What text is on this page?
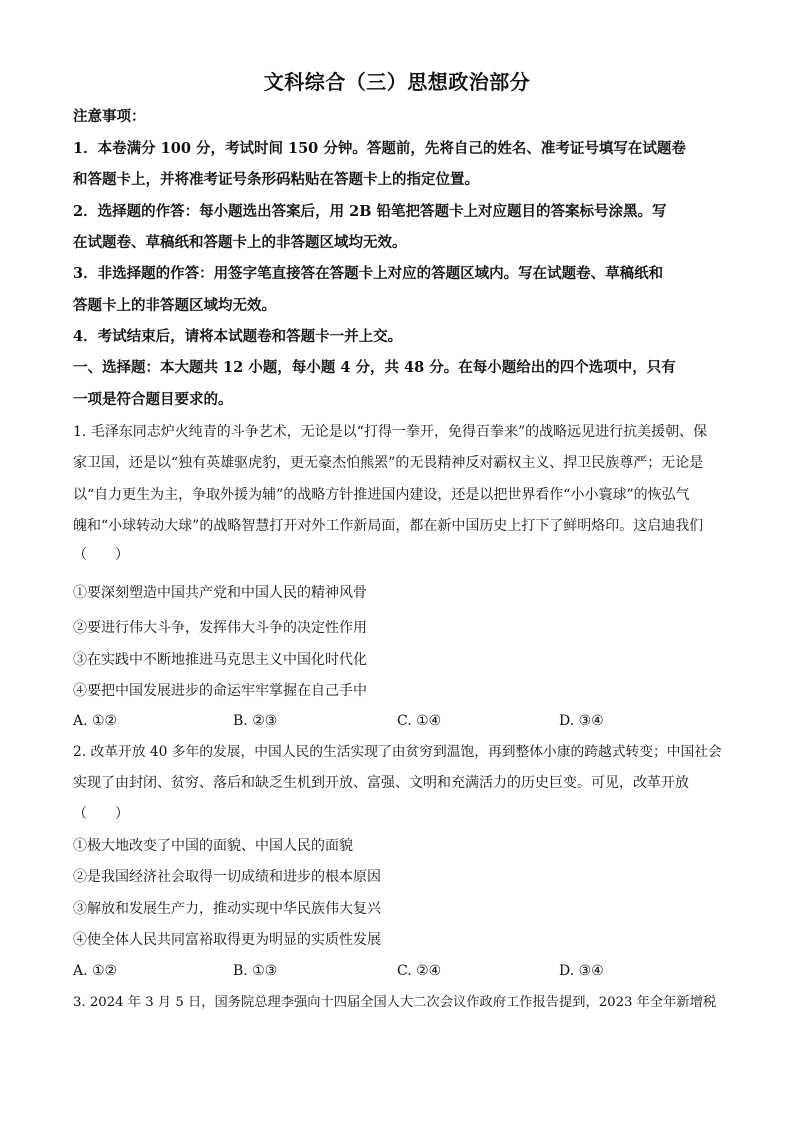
文科综合（三）思想政治部分
注意事项：
1．本卷满分 100 分，考试时间 150 分钟。答题前，先将自己的姓名、准考证号填写在试题卷
和答题卡上，并将准考证号条形码粘贴在答题卡上的指定位置。
2．选择题的作答：每小题选出答案后，用 2B 铅笔把答题卡上对应题目的答案标号涂黑。写
在试题卷、草稿纸和答题卡上的非答题区域均无效。
3．非选择题的作答：用签字笔直接答在答题卡上对应的答题区域内。写在试题卷、草稿纸和
答题卡上的非答题区域均无效。
4．考试结束后，请将本试题卷和答题卡一并上交。
一、选择题：本大题共 12 小题，每小题 4 分，共 48 分。在每小题给出的四个选项中，只有
一项是符合题目要求的。
1. 毛泽东同志炉火纯青的斗争艺术，无论是以“打得一拳开，免得百拳来”的战略远见进行抗美援朝、保
家卫国，还是以“独有英雄驱虎豹，更无豪杰怕熊罴”的无畏精神反对霸权主义、捍卫民族尊严；无论是
以“自力更生为主，争取外援为辅”的战略方针推进国内建设，还是以把世界看作“小小寰球”的恢弘气
魄和“小球转动大球”的战略智慧打开对外工作新局面，都在新中国历史上打下了鲜明烙印。这启迪我们
（　　）
①要深刻塑造中国共产党和中国人民的精神风骨
②要进行伟大斗争，发挥伟大斗争的决定性作用
③在实践中不断地推进马克思主义中国化时代化
④要把中国发展进步的命运牢牢掌握在自己手中
A. ①②	B. ②③	C. ①④	D. ③④
2. 改革开放 40 多年的发展，中国人民的生活实现了由贫穷到温饱，再到整体小康的跨越式转变；中国社会
实现了由封闭、贫穷、落后和缺乏生机到开放、富强、文明和充满活力的历史巨变。可见，改革开放
（　　）
①极大地改变了中国的面貌、中国人民的面貌
②是我国经济社会取得一切成绩和进步的根本原因
③解放和发展生产力，推动实现中华民族伟大复兴
④使全体人民共同富裕取得更为明显的实质性发展
A. ①②	B. ①③	C. ②④	D. ③④
3. 2024 年 3 月 5 日，国务院总理李强向十四届全国人大二次会议作政府工作报告提到，2023 年全年新增税
